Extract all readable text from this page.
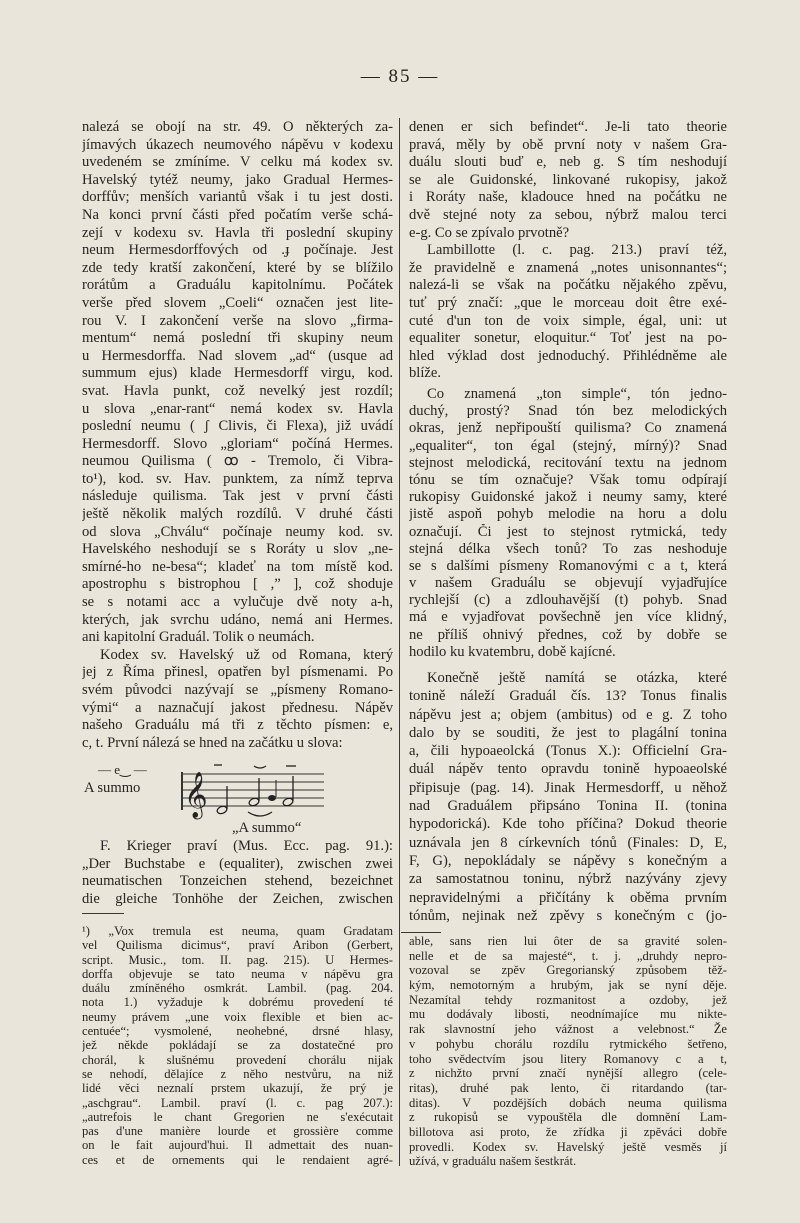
— 85 —
nalezá se obojí na str. 49. O některých za-
jímavých úkazech neumového nápěvu v kodexu
uvedeném se zmíníme. V celku má kodex sv.
Havelský tytéž neumy, jako Gradual Hermes-
dorffův; menších variantů však i tu jest dosti.
Na konci první části před počatím verše schá-
zejí v kodexu sv. Havla tři poslední skupiny
neum Hermesdorffových od .ɟ počínaje. Jest
zde tedy kratší zakončení, které by se blížilo
rorátům a Graduálu kapitolnímu. Počátek
verše před slovem „Coeli“ označen jest lite-
rou V. I zakončení verše na slovo „firma-
mentum“ nemá poslední tři skupiny neum
u Hermesdorffa. Nad slovem „ad“ (usque ad
summum ejus) klade Hermesdorff virgu, kod.
svat. Havla punkt, což nevelký jest rozdíl;
u slova „enar-rant“ nemá kodex sv. Havla
poslední neumu ( ʃ Clivis, či Flexa), již uvádí
Hermesdorff. Slovo „gloriam“ počíná Hermes.
neumou Quilisma ( ꝏ - Tremolo, či Vibra-
to¹), kod. sv. Hav. punktem, za nímž teprva
následuje quilisma. Tak jest v první části
ještě několik malých rozdílů. V druhé části
od slova „Chválu“ počínaje neumy kod. sv.
Havelského neshodují se s Roráty u slov „ne-
smírné-ho ne-besa“; kladeť na tom místě kod.
apostrophu s bistrophou [ ,” ], což shoduje
se s notami acc a vylučuje dvě noty a-h,
kterých, jak svrchu udáno, nemá ani Hermes.
ani kapitolní Graduál. Tolik o neumách.
Kodex sv. Havelský už od Romana, který
jej z Říma přinesl, opatřen byl písmenami. Po
svém původci nazývají se „písmeny Romano-
vými“ a naznačují jakost přednesu. Nápěv
našeho Graduálu má tři z těchto písmen: e,
c, t. První nálezá se hned na začátku u slova:
— e‿ —
A summo 𝄞
„A summo“
F. Krieger praví (Mus. Ecc. pag. 91.):
„Der Buchstabe e (equaliter), zwischen zwei
neumatischen Tonzeichen stehend, bezeichnet
die gleiche Tonhöhe der Zeichen, zwischen
¹) „Vox tremula est neuma, quam Gradatam
vel Quilisma dicimus“, praví Aribon (Gerbert,
script. Music., tom. II. pag. 215). U Hermes-
dorffa objevuje se tato neuma v nápěvu gra
duálu zmíněného osmkrát. Lambil. (pag. 204.
nota 1.) vyžaduje k dobrému provedení té
neumy právem „une voix flexible et bien ac-
centuée“; vysmolené, neohebné, drsné hlasy,
jež někde pokládají se za dostatečné pro
chorál, k slušnému provedení chorálu nijak
se nehodí, dělajíce z něho nestvůru, na niž
lidé věci neznalí prstem ukazují, že prý je
„aschgrau“. Lambil. praví (l. c. pag 207.):
„autrefois le chant Gregorien ne s'exécutait
pas d'une manière lourde et grossière comme
on le fait aujourd'hui. Il admettait des nuan-
ces et de ornements qui le rendaient agré-
denen er sich befindet“. Je-li tato theorie
pravá, měly by obě první noty v našem Gra-
duálu slouti buď e, neb g. S tím neshodují
se ale Guidonské, linkované rukopisy, jakož
i Roráty naše, kladouce hned na počátku ne
dvě stejné noty za sebou, nýbrž malou terci
e-g. Co se zpívalo prvotně?
Lambillotte (l. c. pag. 213.) praví též,
že pravidelně e znamená „notes unisonnantes“;
nalezá-li se však na počátku nějakého zpěvu,
tuť prý značí: „que le morceau doit être exé-
cuté d'un ton de voix simple, égal, uni: ut
equaliter sonetur, eloquitur.“ Toť jest na po-
hled výklad dost jednoduchý. Přihlédněme ale
blíže.
Co znamená „ton simple“, tón jedno-
duchý, prostý? Snad tón bez melodických
okras, jenž nepřipouští quilisma? Co znamená
„equaliter“, ton égal (stejný, mírný)? Snad
stejnost melodická, recitování textu na jednom
tónu se tím označuje? Však tomu odpírají
rukopisy Guidonské jakož i neumy samy, které
jistě aspoň pohyb melodie na horu a dolu
označují. Či jest to stejnost rytmická, tedy
stejná délka všech tonů? To zas neshoduje
se s dalšími písmeny Romanovými c a t, která
v našem Graduálu se objevují vyjadřujíce
rychlejší (c) a zdlouhavější (t) pohyb. Snad
má e vyjadřovat povšechně jen více klidný,
ne příliš ohnivý přednes, což by dobře se
hodilo ku kvatembru, době kajícné.
Konečně ještě namítá se otázka, které
tonině náleží Graduál čís. 13? Tonus finalis
nápěvu jest a; objem (ambitus) od e g. Z toho
dalo by se souditi, že jest to plagální tonina
a, čili hypoaeolcká (Tonus X.): Officielní Gra-
duál nápěv tento opravdu tonině hypoaeolské
připisuje (pag. 14). Jinak Hermesdorff, u něhož
nad Graduálem připsáno Tonina II. (tonina
hypodorická). Kde toho příčina? Dokud theorie
uznávala jen 8 církevních tónů (Finales: D, E,
F, G), nepokládaly se nápěvy s konečným a
za samostatnou toninu, nýbrž nazývány zjevy
nepravidelnými a přičítány k oběma prvním
tónům, nejinak než zpěvy s konečným c (jo-
able, sans rien lui ôter de sa gravité solen-
nelle et de sa majesté“, t. j. „druhdy nepro-
vozoval se zpěv Gregorianský způsobem těž-
kým, nemotorným a hrubým, jak se nyní děje.
Nezamítal tehdy rozmanitost a ozdoby, jež
mu dodávaly libosti, neodnímajíce mu nikte-
rak slavnostní jeho vážnost a velebnost.“ Že
v pohybu chorálu rozdílu rytmického šetřeno,
toho svědectvím jsou litery Romanovy c a t,
z nichžto první značí nynější allegro (cele-
ritas), druhé pak lento, či ritardando (tar-
ditas). V pozdějších dobách neuma quilisma
z rukopisů se vypouštěla dle domnění Lam-
billotova asi proto, že zřídka ji zpěváci dobře
provedli. Kodex sv. Havelský ještě vesměs jí
užívá, v graduálu našem šestkrát.
